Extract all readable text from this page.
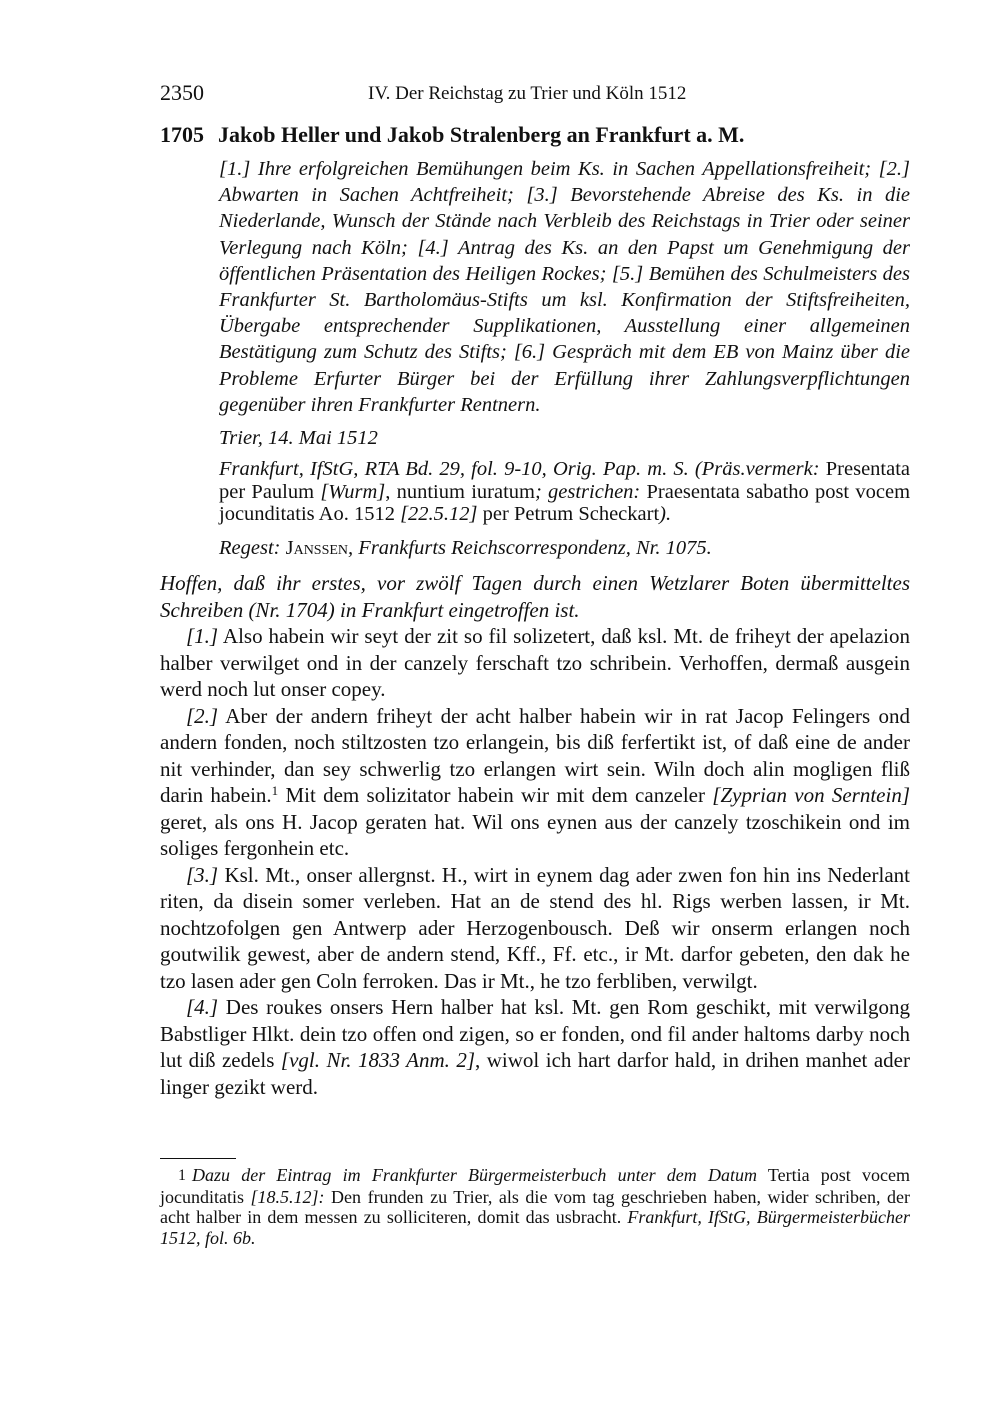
2350	IV. Der Reichstag zu Trier und Köln 1512
1705 Jakob Heller und Jakob Stralenberg an Frankfurt a. M.

[1.] Ihre erfolgreichen Bemühungen beim Ks. in Sachen Appellationsfreiheit; [2.] Abwarten in Sachen Achtfreiheit; [3.] Bevorstehende Abreise des Ks. in die Niederlande, Wunsch der Stände nach Verbleib des Reichstags in Trier oder seiner Verlegung nach Köln; [4.] Antrag des Ks. an den Papst um Genehmigung der öffentlichen Präsentation des Heiligen Rockes; [5.] Bemühen des Schulmeisters des Frankfurter St. Bartholomäus-Stifts um ksl. Konfirmation der Stiftsfreiheiten, Übergabe entsprechender Supplikationen, Ausstellung einer allgemeinen Bestätigung zum Schutz des Stifts; [6.] Gespräch mit dem EB von Mainz über die Probleme Erfurter Bürger bei der Erfüllung ihrer Zahlungsverpflichtungen gegenüber ihren Frankfurter Rentnern.

Trier, 14. Mai 1512

Frankfurt, IfStG, RTA Bd. 29, fol. 9-10, Orig. Pap. m. S. (Präs.vermerk: Presentata per Paulum [Wurm], nuntium iuratum; gestrichen: Praesentata sabatho post vocem jocunditatis Ao. 1512 [22.5.12] per Petrum Scheckart).

Regest: Janssen, Frankfurts Reichscorrespondenz, Nr. 1075.

Hoffen, daß ihr erstes, vor zwölf Tagen durch einen Wetzlarer Boten übermitteltes Schreiben (Nr. 1704) in Frankfurt eingetroffen ist.

[1.] Also habein wir seyt der zit so fil solizetert, daß ksl. Mt. de friheyt der apelazion halber verwilget ond in der canzely ferschaft tzo schribein. Verhoffen, dermaß ausgein werd noch lut onser copey.

[2.] Aber der andern friheyt der acht halber habein wir in rat Jacop Felingers ond andern fonden, noch stiltzosten tzo erlangein, bis diß ferfertikt ist, of daß eine de ander nit verhinder, dan sey schwerlig tzo erlangen wirt sein. Wiln doch alin mogligen fliß darin habein.$^1$ Mit dem solizitator habein wir mit dem canzeler [Zyprian von Serntein] geret, als ons H. Jacop geraten hat. Wil ons eynen aus der canzely tzoschikein ond im soliges fergonhein etc.

[3.] Ksl. Mt., onser allergnst. H., wirt in eynem dag ader zwen fon hin ins Nederlant riten, da disein somer verleben. Hat an de stend des hl. Rigs werben lassen, ir Mt. nochtzofolgen gen Antwerp ader Herzogenbousch. Deß wir onserm erlangen noch goutwilik gewest, aber de andern stend, Kff., Ff. etc., ir Mt. darfor gebeten, den dak he tzo lasen ader gen Coln ferroken. Das ir Mt., he tzo ferbliben, verwilgt.

[4.] Des roukes onsers Hern halber hat ksl. Mt. gen Rom geschikt, mit verwilgong Babstliger Hlkt. dein tzo offen ond zigen, so er fonden, ond fil ander haltoms darby noch lut diß zedels [vgl. Nr. 1833 Anm. 2], wiwol ich hart darfor hald, in drihen manhet ader linger gezikt werd.

1 Dazu der Eintrag im Frankfurter Bürgermeisterbuch unter dem Datum Tertia post vocem jocunditatis [18.5.12]: Den frunden zu Trier, als die vom tag geschrieben haben, wider schriben, der acht halber in dem messen zu solliciteren, domit das usbracht. Frankfurt, IfStG, Bürgermeisterbücher 1512, fol. 6b.
